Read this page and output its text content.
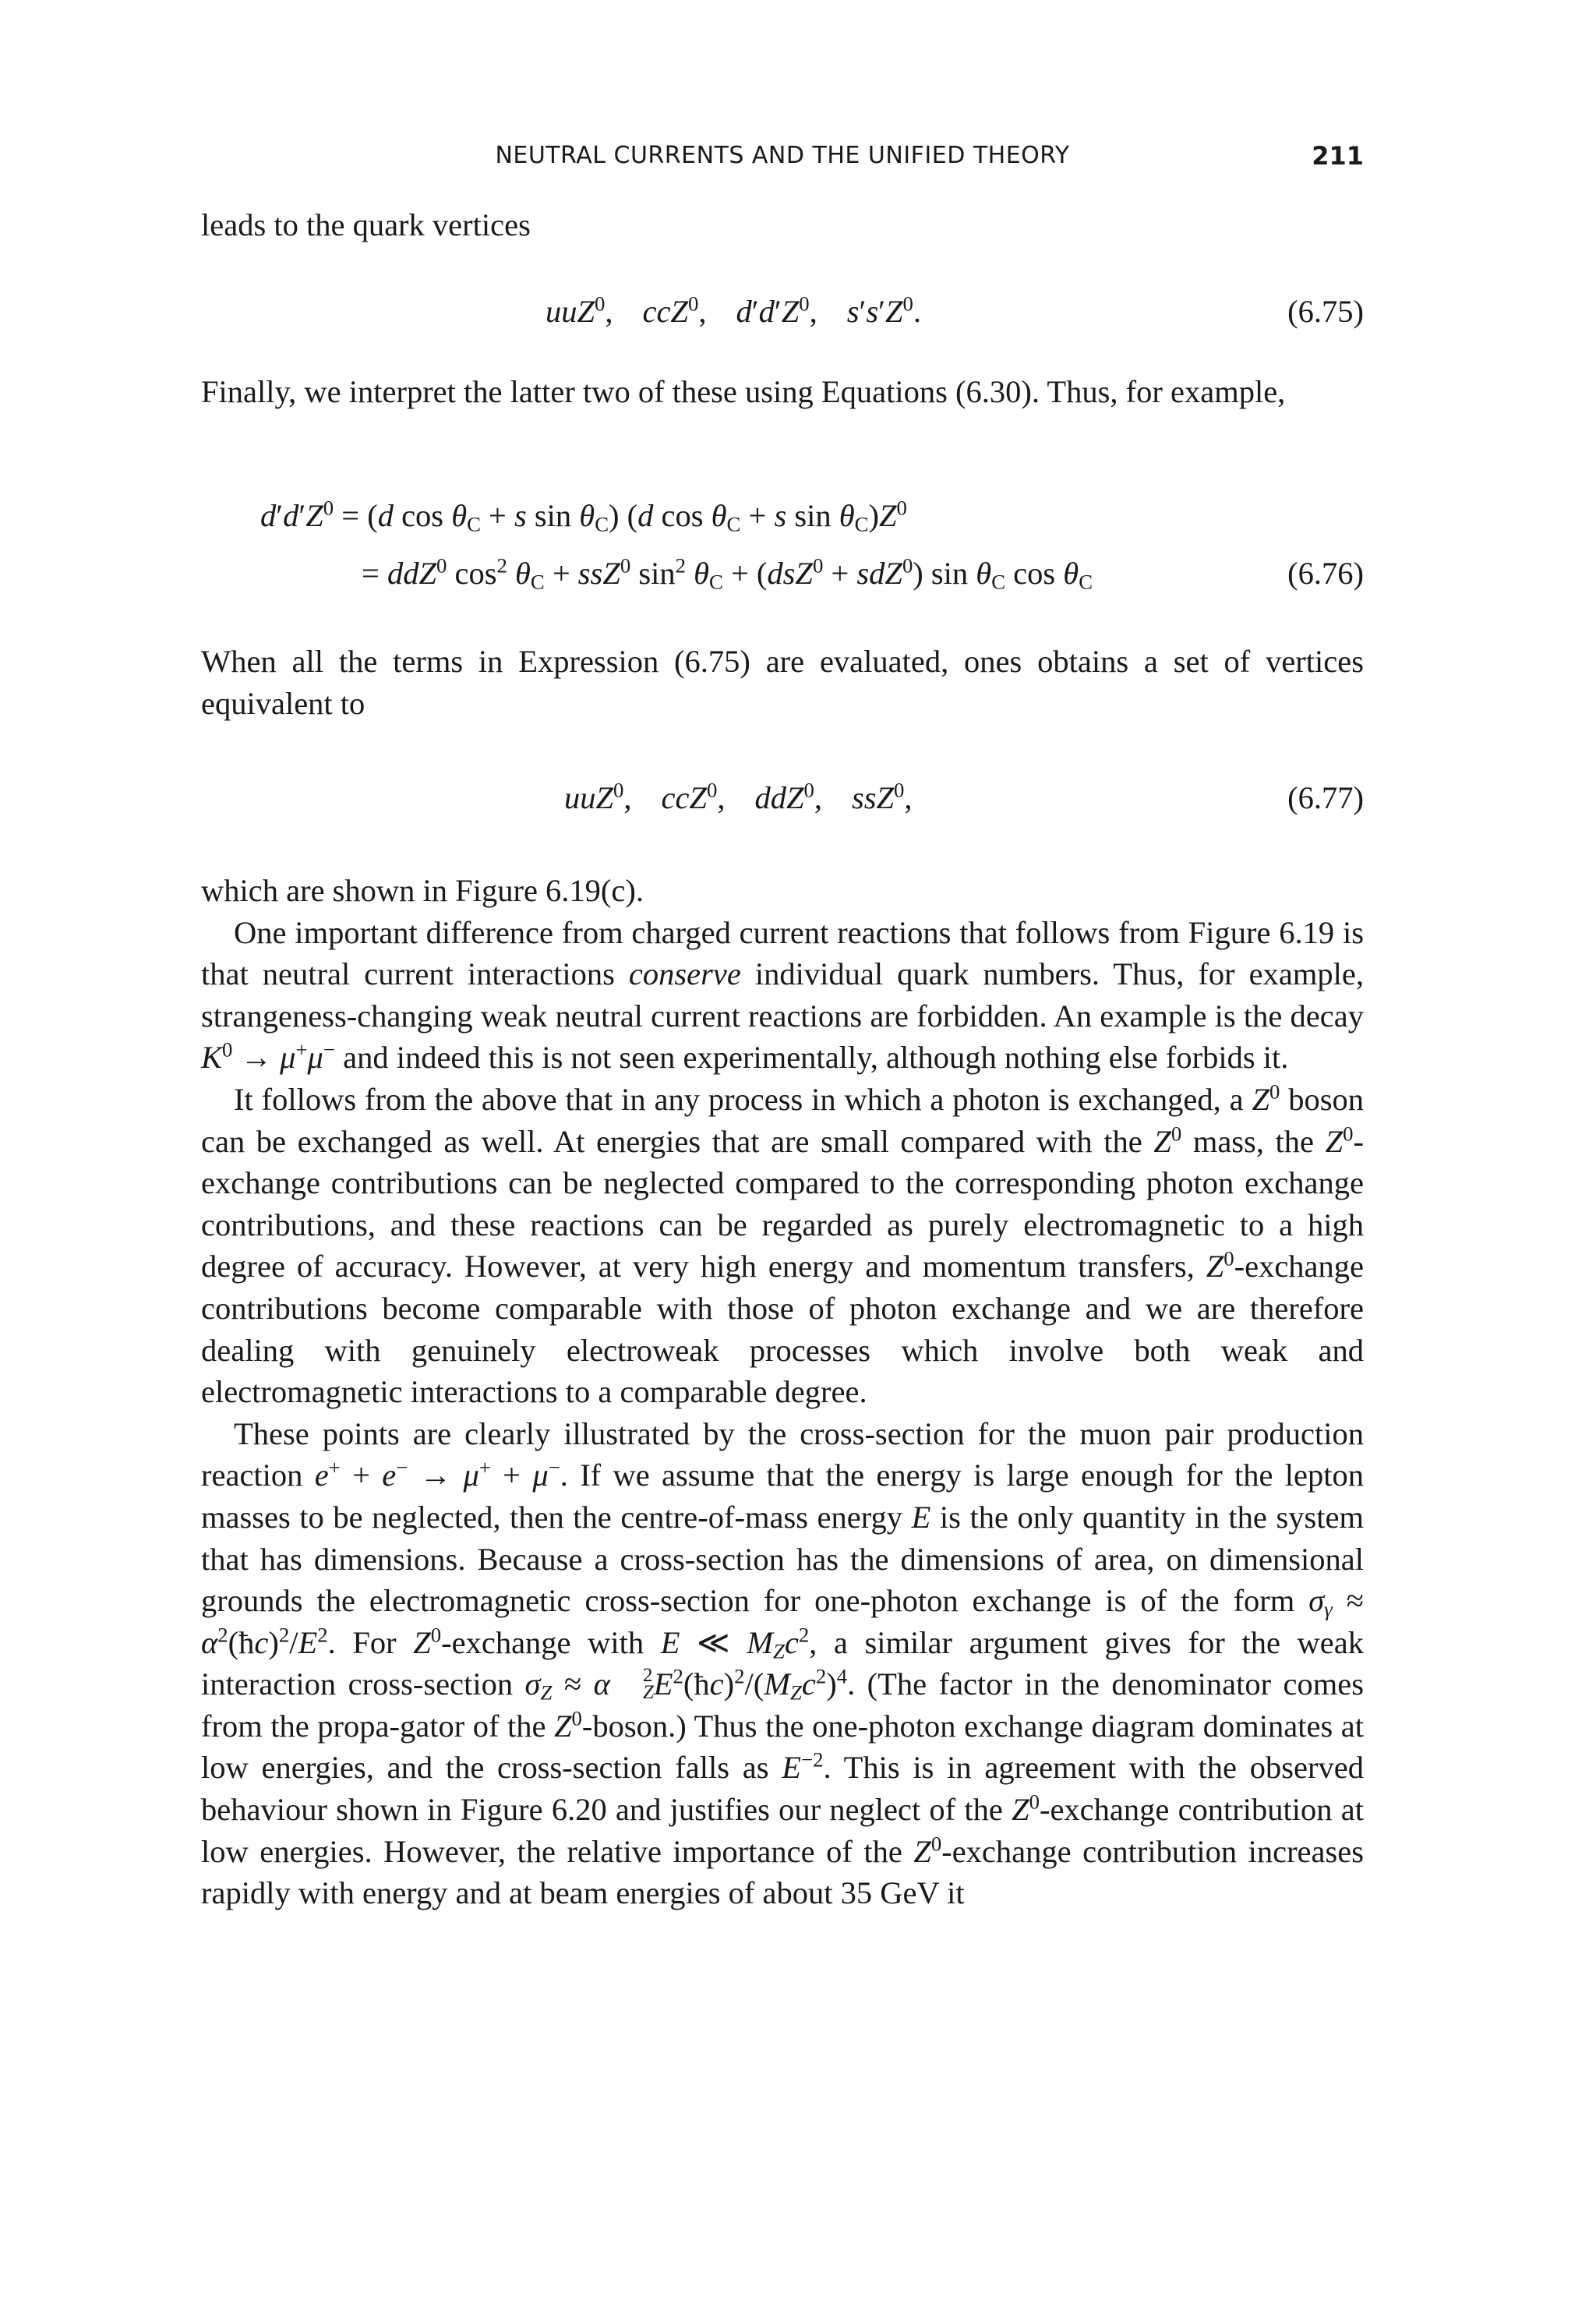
NEUTRAL CURRENTS AND THE UNIFIED THEORY	211

leads to the quark vertices

uuZ$^0$, ccZ$^0$, $d'd'Z^0$, $s's'Z^0$.	(6.75)

Finally, we interpret the latter two of these using Equations (6.30). Thus, for example,

$d'd'Z^0 = (d$ $\cos \theta_C + s$ $\sin \theta_C$) (d $\cos \theta_C + s$ $\sin \theta_C)Z^0$
= ddZ$^0$ $\cos^2 \theta_C + ssZ^0$ $\sin^2 \theta_C + (dsZ^0 + sdZ^0)$ $\sin \theta_C$ $\cos \theta_C$	(6.76)

When all the terms in Expression (6.75) are evaluated, ones obtains a set of vertices equivalent to

uuZ$^0$, ccZ$^0$, ddZ$^0$, ssZ$^0$,	(6.77)

which are shown in Figure 6.19(c).

One important difference from charged current reactions that follows from Figure 6.19 is that neutral current interactions conserve individual quark numbers. Thus, for example, strangeness-changing weak neutral current reactions are forbidden. An example is the decay $K^0 \to \mu^+\mu^-$ and indeed this is not seen experimentally, although nothing else forbids it.

It follows from the above that in any process in which a photon is exchanged, a $Z^0$ boson can be exchanged as well. At energies that are small compared with the $Z^0$ mass, the $Z^0$-exchange contributions can be neglected compared to the corresponding photon exchange contributions, and these reactions can be regarded as purely electromagnetic to a high degree of accuracy. However, at very high energy and momentum transfers, $Z^0$-exchange contributions become comparable with those of photon exchange and we are therefore dealing with genuinely electroweak processes which involve both weak and electromagnetic interactions to a comparable degree.

These points are clearly illustrated by the cross-section for the muon pair production reaction e+ + e− → μ+ + μ−. If we assume that the energy is large enough for the lepton masses to be neglected, then the centre-of-mass energy E is the only quantity in the system that has dimensions. Because a cross-section has the dimensions of area, on dimensional grounds the electromagnetic cross-section for one-photon exchange is of the form $\sigma_\gamma$ ≈ $\alpha^2(ħc)^2/E^2$. For $Z^0$-exchange with E ≪ $M_Zc^2$, a similar argument gives for the weak interaction cross-section $\sigma_Z \approx \alpha$	2
Z $E^2(ħc)^2/(M_Zc^2)^4$. (The factor in the denominator comes from the propa-gator of the $Z^0-boson$.) Thus the one-photon exchange diagram dominates at low energies, and the cross-section falls as $E^{-2}$. This is in agreement with the observed behaviour shown in Figure 6.20 and justifies our neglect of the $Z^0$-exchange contribution at low energies. However, the relative importance of the $Z^0$-exchange contribution increases rapidly with energy and at beam energies of about 35 GeV it
